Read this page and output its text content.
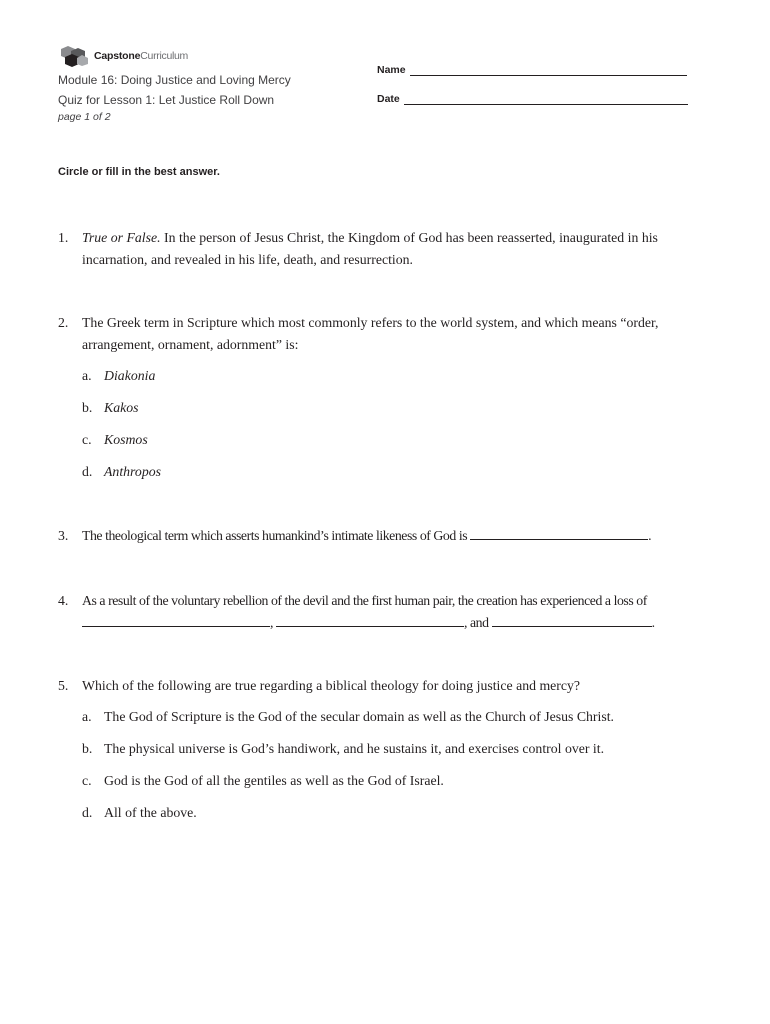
Capstone Curriculum
Module 16: Doing Justice and Loving Mercy
Quiz for Lesson 1: Let Justice Roll Down
page 1 of 2
Name
Date
Circle or fill in the best answer.
1. True or False. In the person of Jesus Christ, the Kingdom of God has been reasserted, inaugurated in his incarnation, and revealed in his life, death, and resurrection.
2. The Greek term in Scripture which most commonly refers to the world system, and which means “order, arrangement, ornament, adornment” is:
a. Diakonia
b. Kakos
c. Kosmos
d. Anthropos
3. The theological term which asserts humankind’s intimate likeness of God is	.
4. As a result of the voluntary rebellion of the devil and the first human pair, the creation has experienced a loss of ,	, and	.
5. Which of the following are true regarding a biblical theology for doing justice and mercy?
a. The God of Scripture is the God of the secular domain as well as the Church of Jesus Christ.
b. The physical universe is God’s handiwork, and he sustains it, and exercises control over it.
c. God is the God of all the gentiles as well as the God of Israel.
d. All of the above.
